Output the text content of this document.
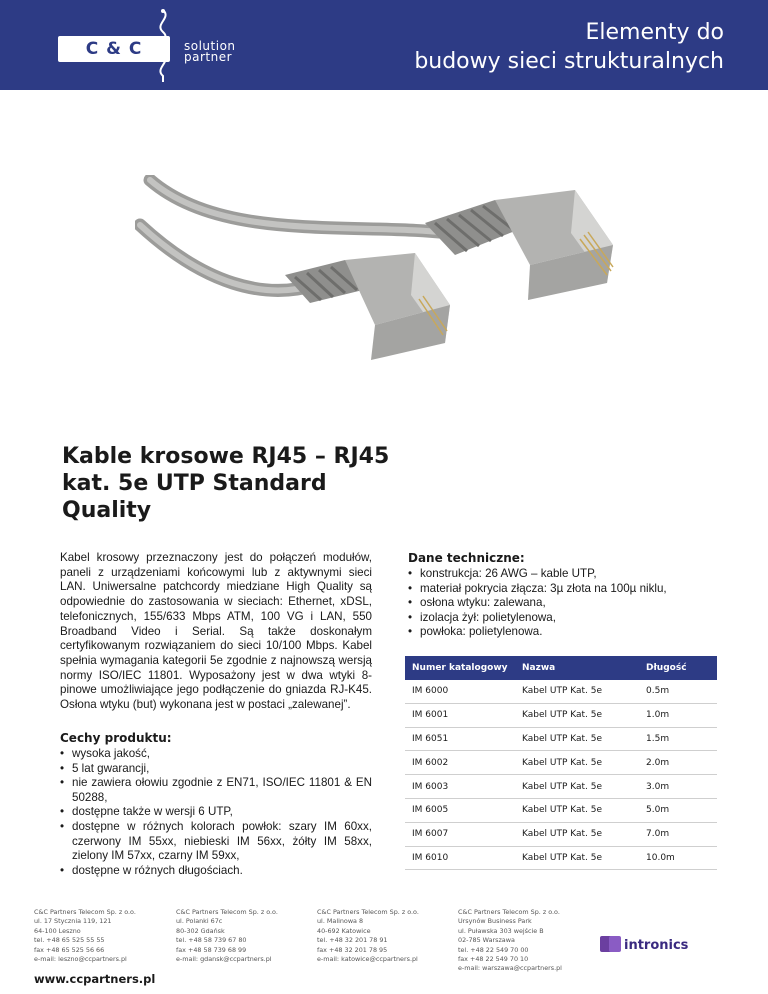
C & C	solution
partner
Elementy do
budowy sieci strukturalnych
Kable krosowe RJ45 – RJ45 kat. 5e UTP Standard Quality

Kabel krosowy przeznaczony jest do połączeń modułów, paneli z urządzeniami końcowymi lub z aktywnymi sieci LAN. Uniwersalne patchcordy miedziane High Quality są odpowiednie do zastosowania w sieciach: Ethernet, xDSL, telefonicznych, 155/633 Mbps ATM, 100 VG i LAN, 550 Broadband Video i Serial. Są także doskonałym certyfikowanym rozwiązaniem do sieci 10/100 Mbps. Kabel spełnia wymagania kategorii 5e zgodnie z najnowszą wersją normy ISO/IEC 11801. Wyposażony jest w dwa wtyki 8-pinowe umożliwiające jego podłączenie do gniazda RJ-K45. Osłona wtyku (but) wykonana jest w postaci „zalewanej”.

Cechy produktu:
• wysoka jakość,
• 5 lat gwarancji,
• nie zawiera ołowiu zgodnie z EN71, ISO/IEC 11801 & EN 50288,
• dostępne także w wersji 6 UTP,
• dostępne w różnych kolorach powłok: szary IM 60xx, czerwony IM 55xx, niebieski IM 56xx, żółty IM 58xx, zielony IM 57xx, czarny IM 59xx,
• dostępne w różnych długościach.
Dane techniczne:
• konstrukcja: 26 AWG – kable UTP,
• materiał pokrycia złącza: 3µ złota na 100µ niklu,
• osłona wtyku: zalewana,
• izolacja żył: polietylenowa,
• powłoka: polietylenowa.
Numer katalogowy	Nazwa	Długość
IM 6000	Kabel UTP Kat. 5e	0.5m
IM 6001	Kabel UTP Kat. 5e	1.0m
IM 6051	Kabel UTP Kat. 5e	1.5m
IM 6002	Kabel UTP Kat. 5e	2.0m
IM 6003	Kabel UTP Kat. 5e	3.0m
IM 6005	Kabel UTP Kat. 5e	5.0m
IM 6007	Kabel UTP Kat. 5e	7.0m
IM 6010	Kabel UTP Kat. 5e	10.0m
C&C Partners Telecom Sp. z o.o.
ul. 17 Stycznia 119, 121
64-100 Leszno
tel. +48 65 525 55 55
fax +48 65 525 56 66
e-mail: leszno@ccpartners.pl
C&C Partners Telecom Sp. z o.o.
ul. Polanki 67c
80-302 Gdańsk
tel. +48 58 739 67 80
fax +48 58 739 68 99
e-mail: gdansk@ccpartners.pl
C&C Partners Telecom Sp. z o.o.
ul. Malinowa 8
40-692 Katowice
tel. +48 32 201 78 91
fax +48 32 201 78 95
e-mail: katowice@ccpartners.pl
C&C Partners Telecom Sp. z o.o.
Ursynów Business Park
ul. Puławska 303 wejście B
02-785 Warszawa
tel. +48 22 549 70 00
fax +48 22 549 70 10
e-mail: warszawa@ccpartners.pl
www.ccpartners.pl
intronics
